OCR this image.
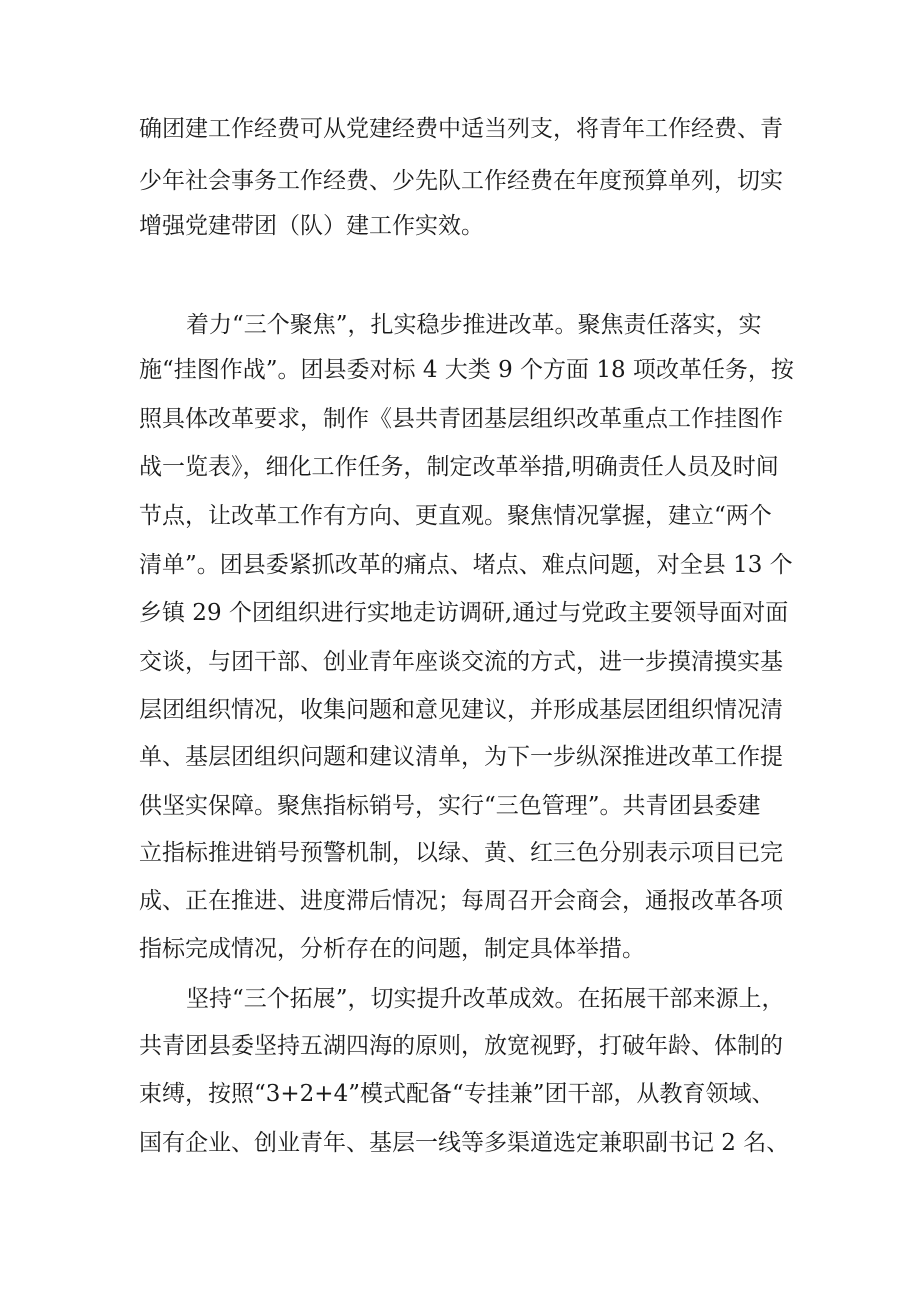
确团建工作经费可从党建经费中适当列支，将青年工作经费、青

少年社会事务工作经费、少先队工作经费在年度预算单列，切实

增强党建带团（队）建工作实效。

着力“三个聚焦”，扎实稳步推进改革。聚焦责任落实，实

施“挂图作战”。团县委对标 4 大类 9 个方面 18 项改革任务，按

照具体改革要求，制作《县共青团基层组织改革重点工作挂图作

战一览表》，细化工作任务，制定改革举措,明确责任人员及时间

节点，让改革工作有方向、更直观。聚焦情况掌握，建立“两个

清单”。团县委紧抓改革的痛点、堵点、难点问题，对全县 13 个

乡镇 29 个团组织进行实地走访调研,通过与党政主要领导面对面

交谈，与团干部、创业青年座谈交流的方式，进一步摸清摸实基

层团组织情况，收集问题和意见建议，并形成基层团组织情况清

单、基层团组织问题和建议清单，为下一步纵深推进改革工作提

供坚实保障。聚焦指标销号，实行“三色管理”。共青团县委建

立指标推进销号预警机制，以绿、黄、红三色分别表示项目已完

成、正在推进、进度滞后情况；每周召开会商会，通报改革各项

指标完成情况，分析存在的问题，制定具体举措。

坚持“三个拓展”，切实提升改革成效。在拓展干部来源上，

共青团县委坚持五湖四海的原则，放宽视野，打破年龄、体制的

束缚，按照“3+2+4”模式配备“专挂兼”团干部，从教育领域、

国有企业、创业青年、基层一线等多渠道选定兼职副书记 2 名、
